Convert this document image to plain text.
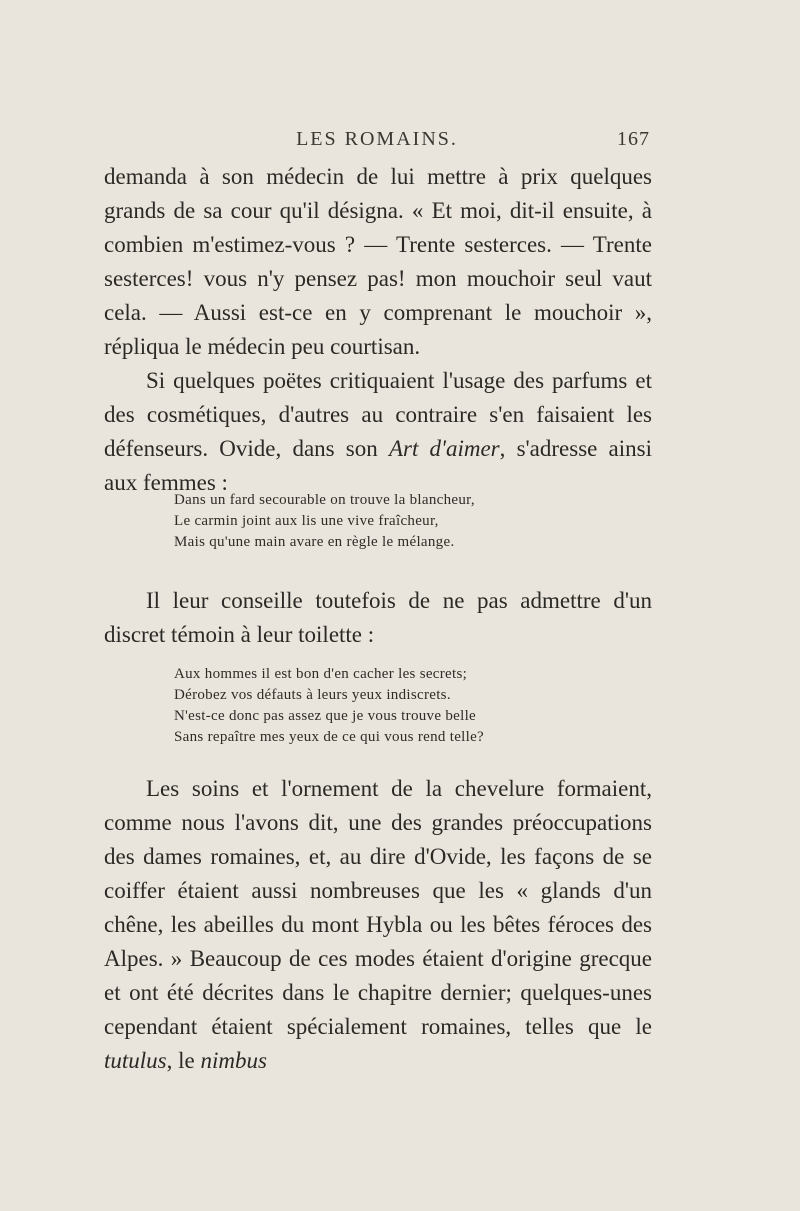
LES ROMAINS.	167

demanda à son médecin de lui mettre à prix quelques grands de sa cour qu'il désigna. « Et moi, dit-il ensuite, à combien m'estimez-vous ? — Trente sesterces. — Trente sesterces! vous n'y pensez pas! mon mouchoir seul vaut cela. — Aussi est-ce en y comprenant le mouchoir », répliqua le médecin peu courtisan.

Si quelques poëtes critiquaient l'usage des parfums et des cosmétiques, d'autres au contraire s'en faisaient les défenseurs. Ovide, dans son Art d'aimer, s'adresse ainsi aux femmes :

Dans un fard secourable on trouve la blancheur,
Le carmin joint aux lis une vive fraîcheur,
Mais qu'une main avare en règle le mélange.

Il leur conseille toutefois de ne pas admettre d'un discret témoin à leur toilette :

Aux hommes il est bon d'en cacher les secrets;
Dérobez vos défauts à leurs yeux indiscrets.
N'est-ce donc pas assez que je vous trouve belle
Sans repaître mes yeux de ce qui vous rend telle?

Les soins et l'ornement de la chevelure formaient, comme nous l'avons dit, une des grandes préoccupations des dames romaines, et, au dire d'Ovide, les façons de se coiffer étaient aussi nombreuses que les « glands d'un chêne, les abeilles du mont Hybla ou les bêtes féroces des Alpes. » Beaucoup de ces modes étaient d'origine grecque et ont été décrites dans le chapitre dernier; quelques-unes cependant étaient spécialement romaines, telles que le tutulus, le nimbus
